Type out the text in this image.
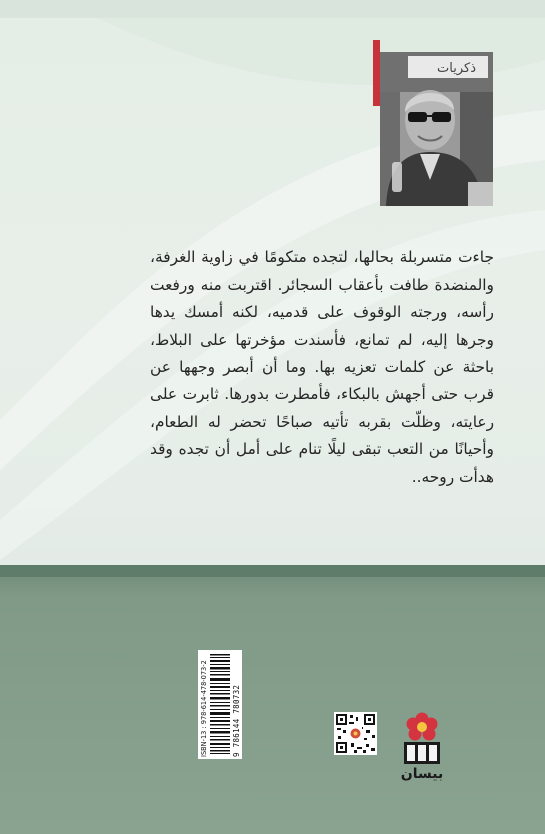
ذكريات

جاءت متسربلة بحالها، لتجده متكومًا في زاوية الغرفة، والمنضدة طافت بأعقاب السجائر. اقتربت منه ورفعت رأسه، ورجته الوقوف على قدميه، لكنه أمسك يدها وجرها إليه، لم تمانع، فأسندت مؤخرتها على البلاط، باحثة عن كلمات تعزيه بها. وما أن أبصر وجهها عن قرب حتى أجهش بالبكاء، فأمطرت بدورها. ثابرت على رعايته، وظلّت بقربه تأتيه صباحًا تحضر له الطعام، وأحيانًا من التعب تبقى ليلًا تنام على أمل أن تجده وقد هدأت روحه..

ISBN-13 : 978-614-478-073-2	9 786144 780732
بيسان
